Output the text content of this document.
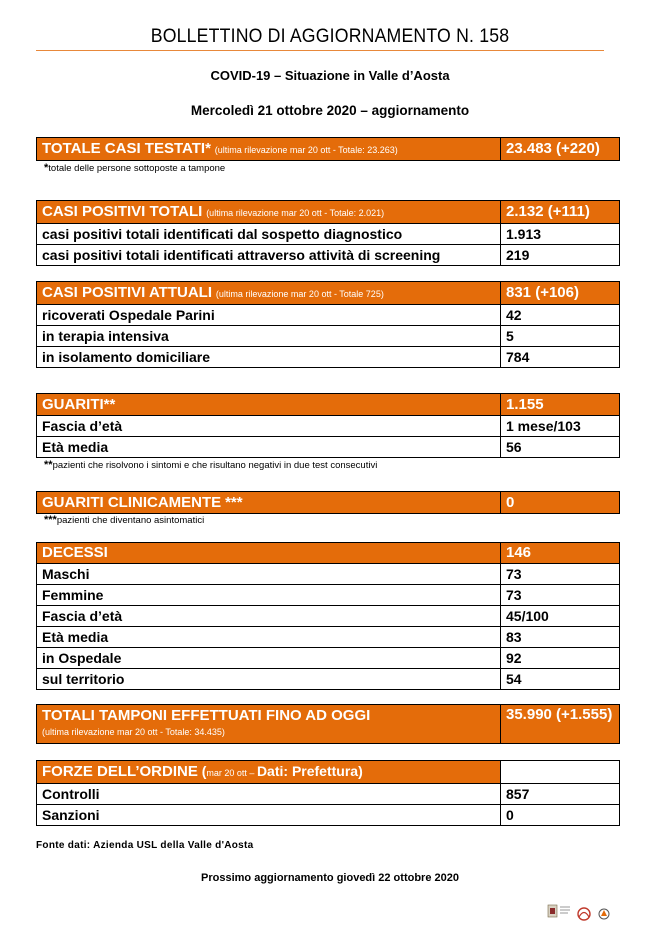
BOLLETTINO DI AGGIORNAMENTO N. 158
COVID-19 – Situazione in Valle d’Aosta
Mercoledì 21 ottobre 2020 – aggiornamento
TOTALE CASI TESTATI* (ultima rilevazione mar 20 ott - Totale: 23.263)	23.483 (+220)
*totale delle persone sottoposte a tampone
CASI POSITIVI TOTALI (ultima rilevazione mar 20 ott - Totale: 2.021)	2.132 (+111)
casi positivi totali identificati dal sospetto diagnostico	1.913
casi positivi totali identificati attraverso attività di screening	219
CASI POSITIVI ATTUALI (ultima rilevazione mar 20 ott - Totale 725)	831 (+106)
ricoverati Ospedale Parini	42
in terapia intensiva	5
in isolamento domiciliare	784
GUARITI**	1.155
Fascia d’età	1 mese/103
Età media	56
**pazienti che risolvono i sintomi e che risultano negativi in due test consecutivi
GUARITI CLINICAMENTE ***	0
***pazienti che diventano asintomatici
DECESSI	146
Maschi	73
Femmine	73
Fascia d’età	45/100
Età media	83
in Ospedale	92
sul territorio	54
TOTALI TAMPONI EFFETTUATI FINO AD OGGI
(ultima rilevazione mar 20 ott - Totale: 34.435)
	35.990 (+1.555)
FORZE DELL’ORDINE (mar 20 ott – Dati: Prefettura)	
Controlli	857
Sanzioni	0
Fonte dati: Azienda USL della Valle d'Aosta
Prossimo aggiornamento giovedì 22 ottobre 2020
